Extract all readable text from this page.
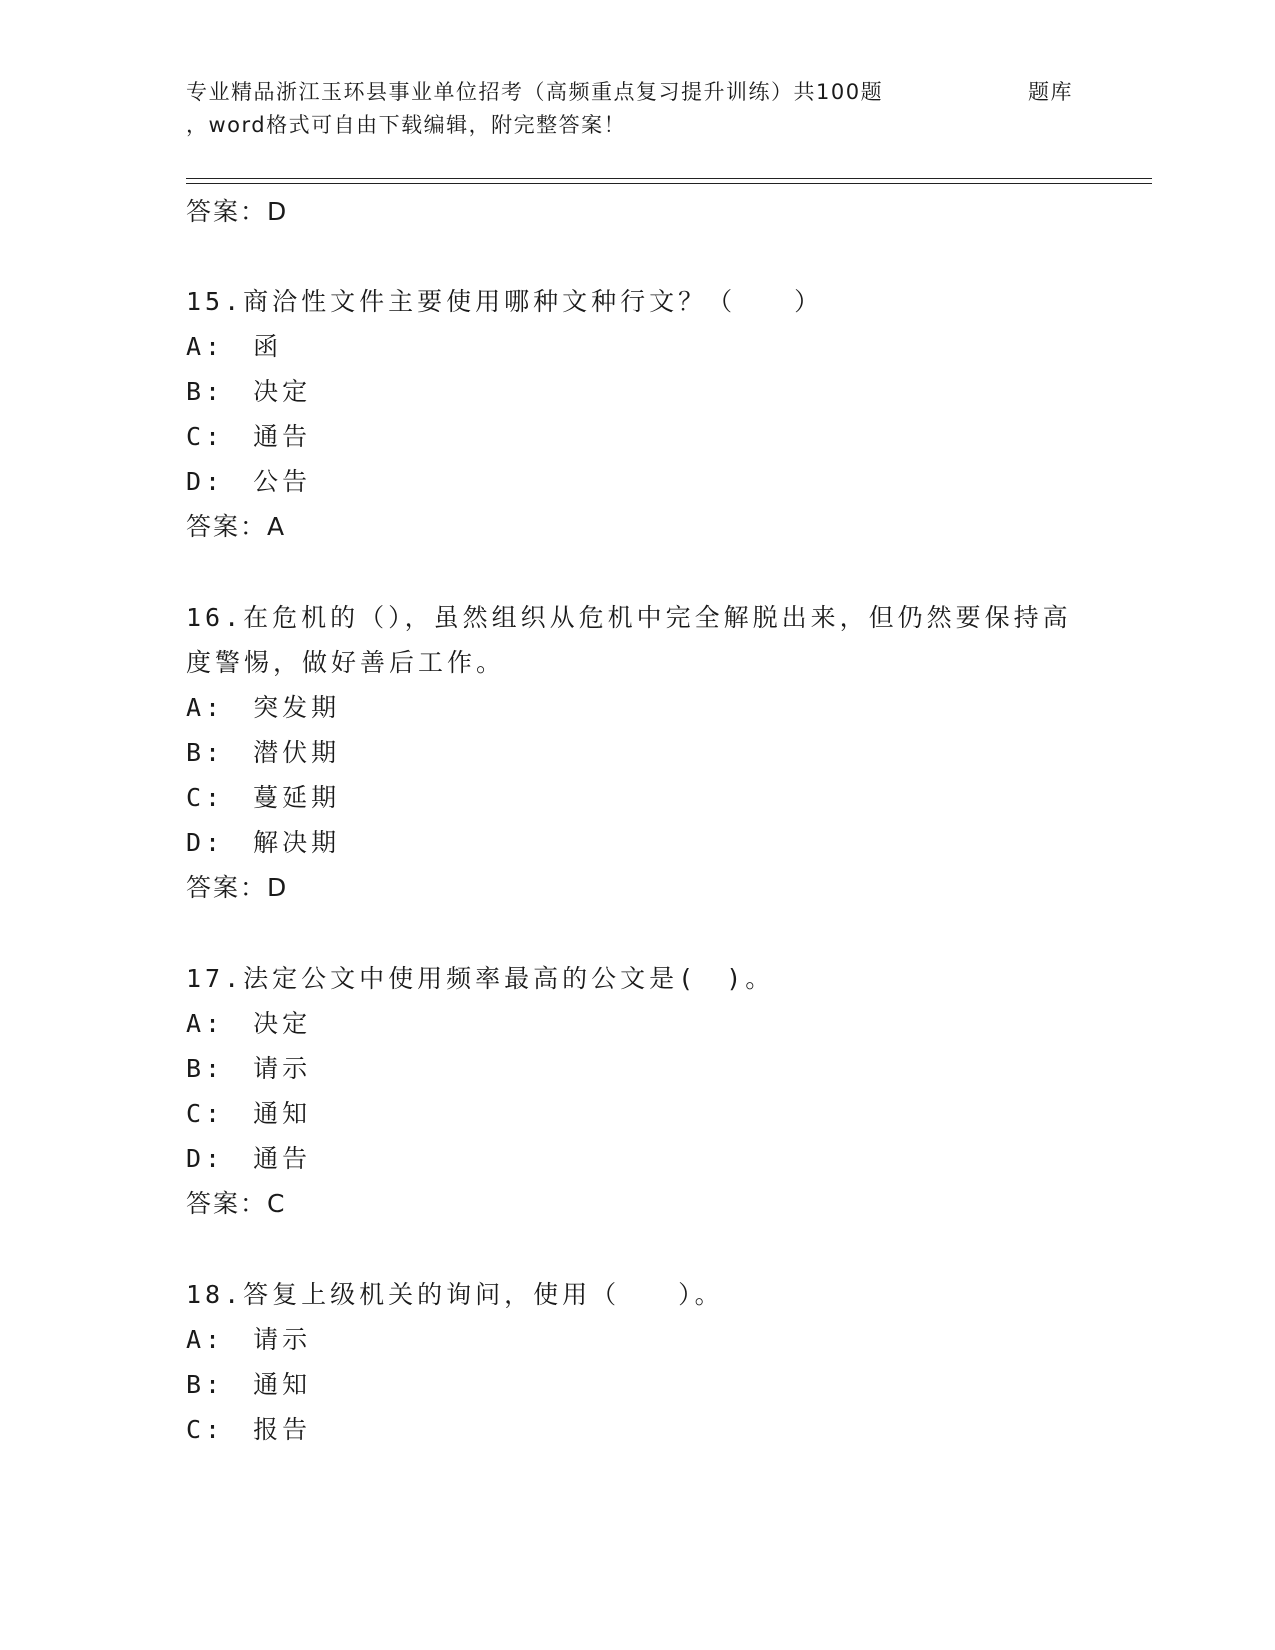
专业精品浙江玉环县事业单位招考（高频重点复习提升训练）共100题	题库
，word格式可自由下载编辑，附完整答案！
答案：D
15.商洽性文件主要使用哪种文种行文？（　　）
A:　函
B:　决定
C:　通告
D:　公告
答案：A
16.在危机的（），虽然组织从危机中完全解脱出来，但仍然要保持高
度警惕，做好善后工作。
A:　突发期
B:　潜伏期
C:　蔓延期
D:　解决期
答案：D
17.法定公文中使用频率最高的公文是(　)。
A:　决定
B:　请示
C:　通知
D:　通告
答案：C
18.答复上级机关的询问，使用（　　）。
A:　请示
B:　通知
C:　报告
